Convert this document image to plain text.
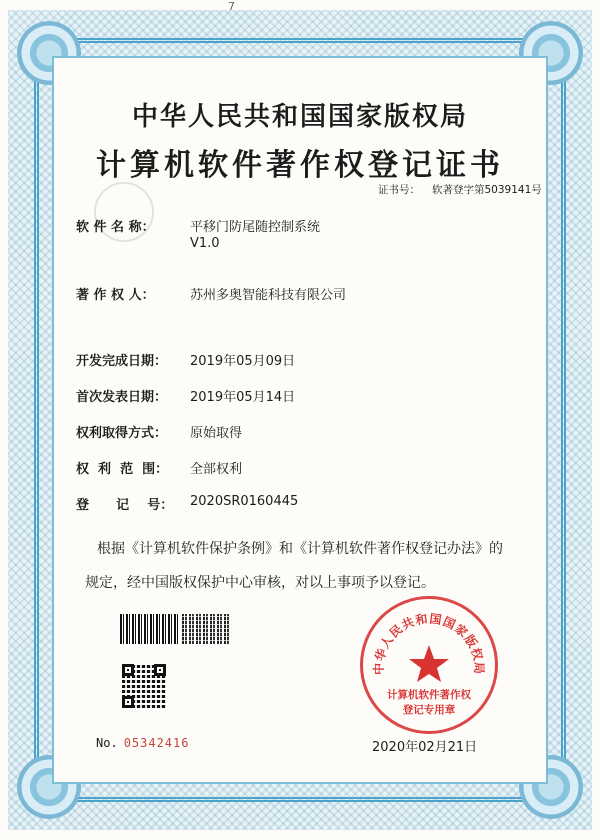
7
中华人民共和国国家版权局
计算机软件著作权登记证书
证书号： 软著登字第5039141号
软 件 名 称：	平移门防尾随控制系统
V1.0
著 作 权 人：	苏州多奥智能科技有限公司
开发完成日期： 2019年05月09日
首次发表日期： 2019年05月14日
权利取得方式： 原始取得
权  利  范  围： 全部权利
登      记    号： 2020SR0160445
根据《计算机软件保护条例》和《计算机软件著作权登记办法》的
规定，经中国版权保护中心审核，对以上事项予以登记。
No. 05342416
中华人民共和国国家版权局
计算机软件著作权
登记专用章
2020年02月21日
